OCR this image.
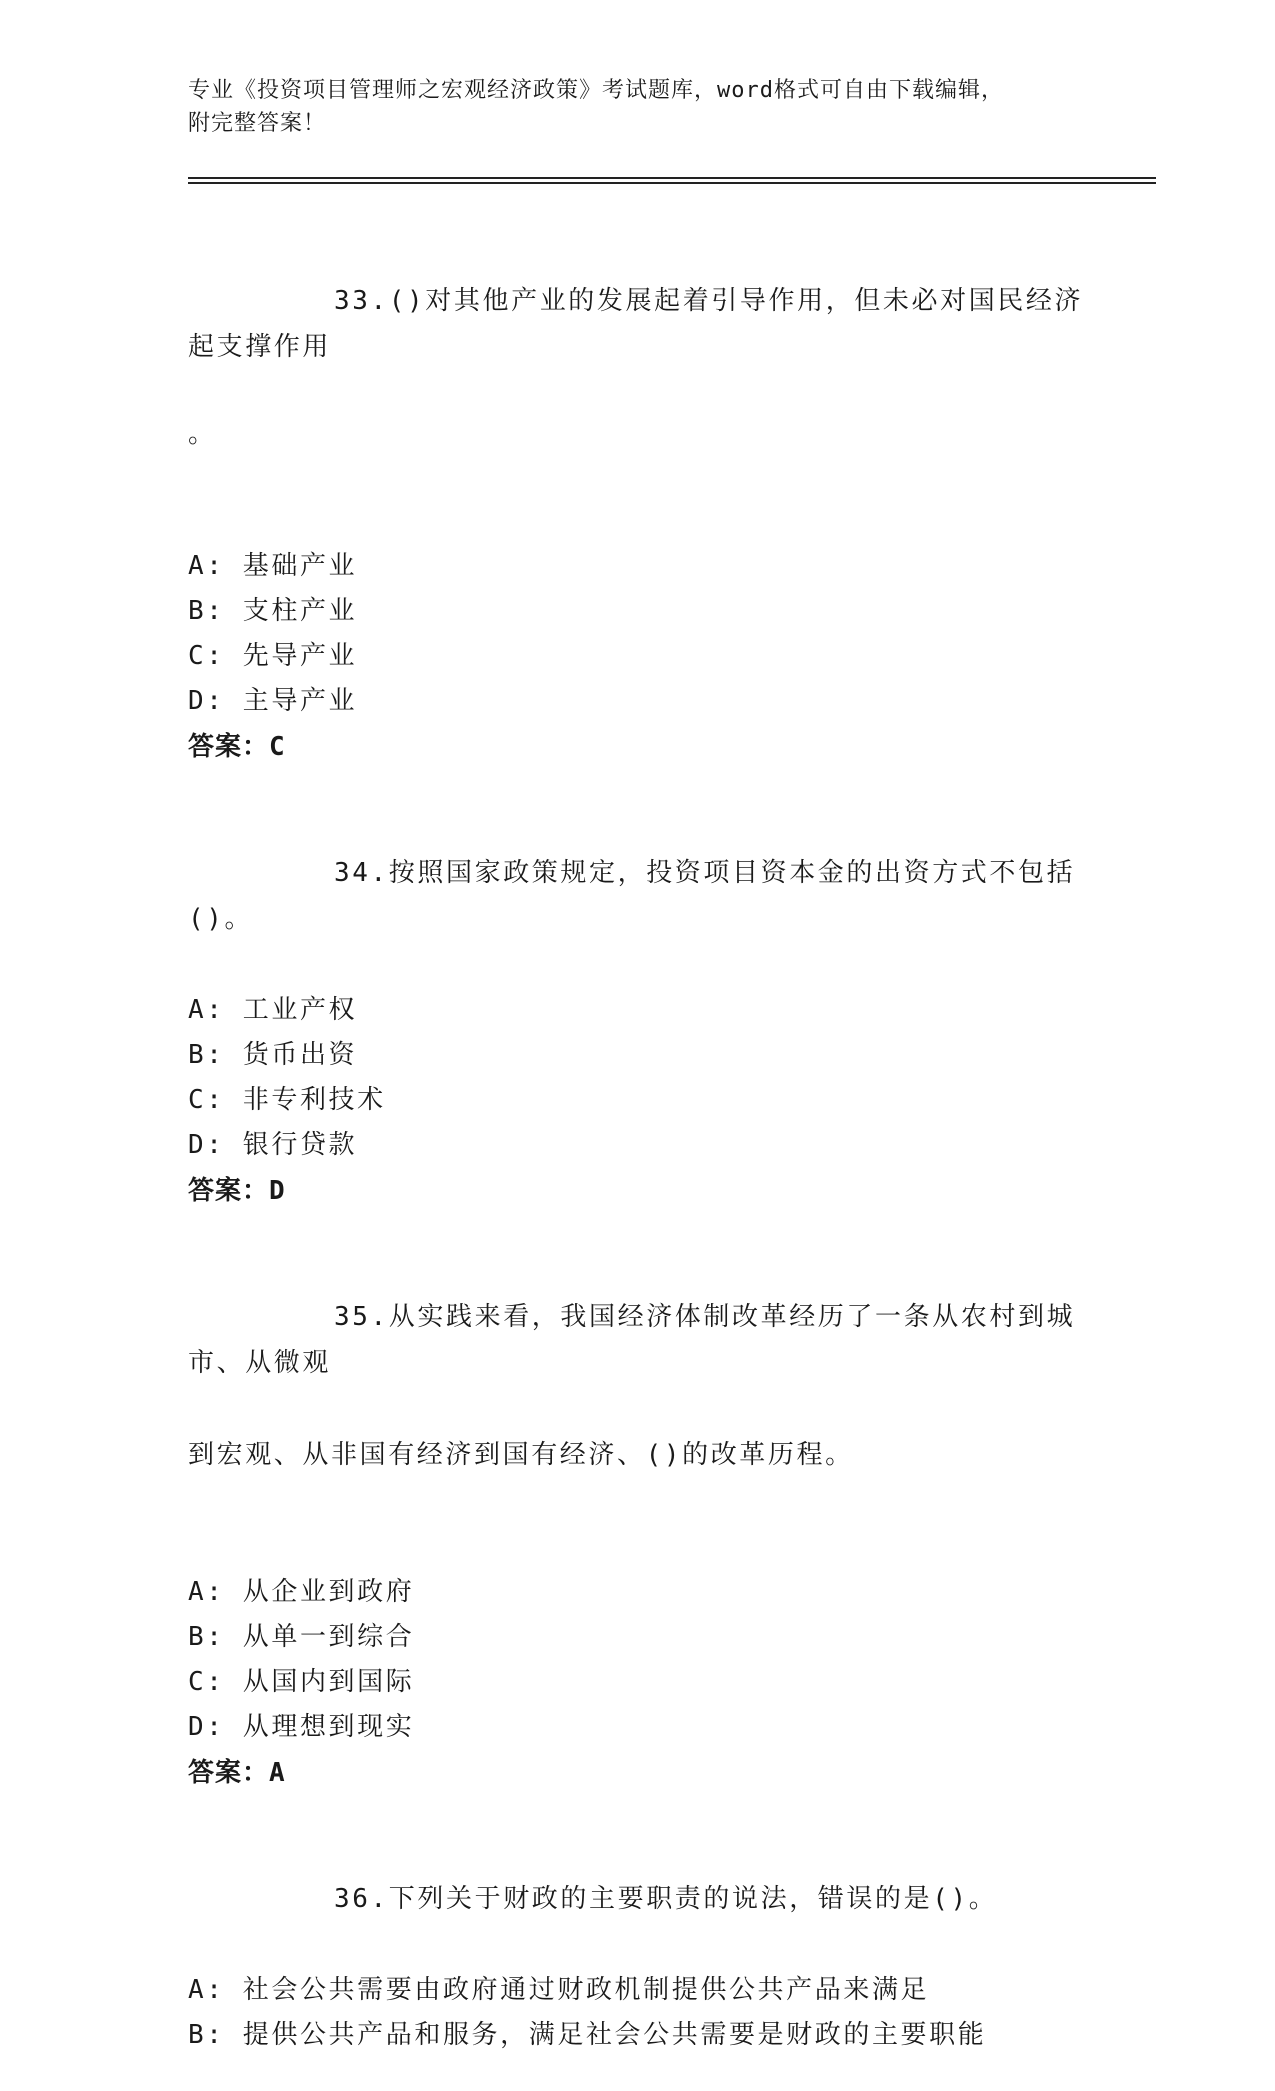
专业《投资项目管理师之宏观经济政策》考试题库，word格式可自由下载编辑，
附完整答案！

33.()对其他产业的发展起着引导作用，但未必对国民经济起支撑作用

。

A: 基础产业
B: 支柱产业
C: 先导产业
D: 主导产业
答案：C

34.按照国家政策规定，投资项目资本金的出资方式不包括()。

A: 工业产权
B: 货币出资
C: 非专利技术
D: 银行贷款
答案：D

35.从实践来看，我国经济体制改革经历了一条从农村到城市、从微观

到宏观、从非国有经济到国有经济、()的改革历程。

A: 从企业到政府
B: 从单一到综合
C: 从国内到国际
D: 从理想到现实
答案：A

36.下列关于财政的主要职责的说法，错误的是()。

A: 社会公共需要由政府通过财政机制提供公共产品来满足
B: 提供公共产品和服务，满足社会公共需要是财政的主要职能
